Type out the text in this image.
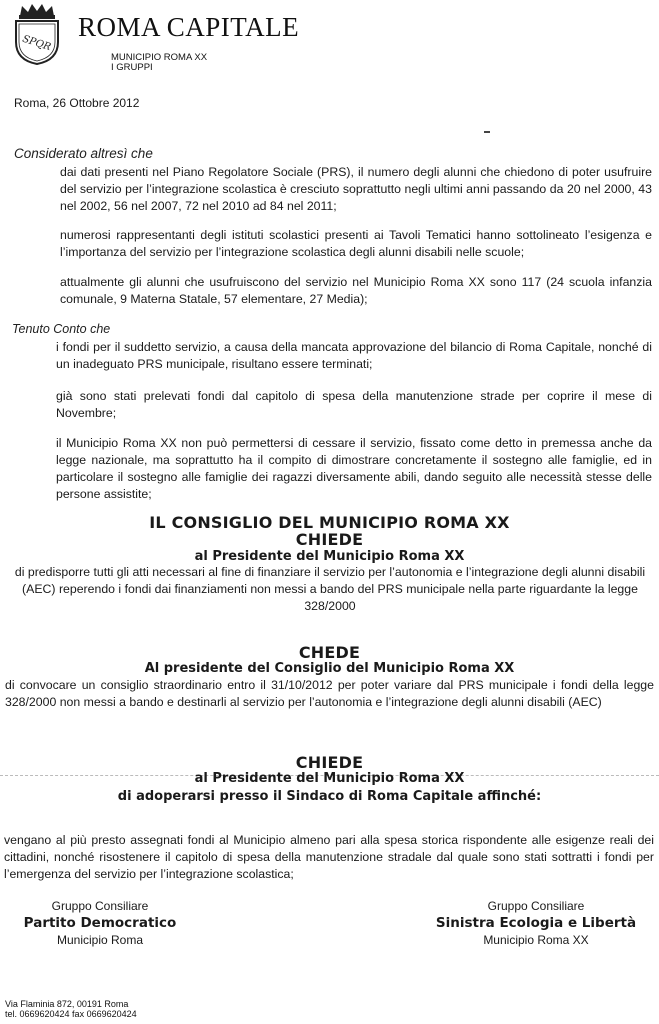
SPQR
ROMA CAPITALE
MUNICIPIO ROMA XX
I GRUPPI
Roma, 26 Ottobre 2012
Considerato altresì che
dai dati presenti nel Piano Regolatore Sociale (PRS), il numero degli alunni che chiedono di poter usufruire del servizio per l’integrazione scolastica è cresciuto soprattutto negli ultimi anni passando da 20 nel 2000, 43 nel 2002, 56 nel 2007, 72 nel 2010 ad 84 nel 2011;
numerosi rappresentanti degli istituti scolastici presenti ai Tavoli Tematici hanno sottolineato l’esigenza e l’importanza del servizio per l’integrazione scolastica degli alunni disabili nelle scuole;
attualmente gli alunni che usufruiscono del servizio nel Municipio Roma XX sono 117 (24 scuola infanzia comunale, 9 Materna Statale, 57 elementare, 27 Media);
Tenuto Conto che
i fondi per il suddetto servizio, a causa della mancata approvazione del bilancio di Roma Capitale, nonché di un inadeguato PRS municipale, risultano essere terminati;
già sono stati prelevati fondi dal capitolo di spesa della manutenzione strade per coprire il mese di Novembre;
il Municipio Roma XX non può permettersi di cessare il servizio, fissato come detto in premessa anche da legge nazionale, ma soprattutto ha il compito di dimostrare concretamente il sostegno alle famiglie, ed in particolare il sostegno alle famiglie dei ragazzi diversamente abili, dando seguito alle necessità stesse delle persone assistite;
IL CONSIGLIO DEL MUNICIPIO ROMA XX
CHIEDE
al Presidente del Municipio Roma XX
di predisporre tutti gli atti necessari al fine di finanziare il servizio per l’autonomia e l’integrazione degli alunni disabili (AEC) reperendo i fondi dai finanziamenti non messi a bando del PRS municipale nella parte riguardante la legge 328/2000
CHEDE
Al presidente del Consiglio del Municipio Roma XX
di convocare un consiglio straordinario entro il 31/10/2012 per poter variare dal PRS municipale i fondi della legge 328/2000 non messi a bando e destinarli al servizio per l’autonomia e l’integrazione degli alunni disabili (AEC)
CHIEDE
al Presidente del Municipio Roma XX
di adoperarsi presso il Sindaco di Roma Capitale affinché:
vengano al più presto assegnati fondi al Municipio almeno pari alla spesa storica rispondente alle esigenze reali dei cittadini, nonché risostenere il capitolo di spesa della manutenzione stradale dal quale sono stati sottratti i fondi per l’emergenza del servizio per l’integrazione scolastica;
Gruppo Consiliare
Partito Democratico
Municipio Roma
Gruppo Consiliare
Sinistra Ecologia e Libertà
Municipio Roma XX
Via Flaminia 872, 00191 Roma
tel. 0669620424 fax 0669620424
